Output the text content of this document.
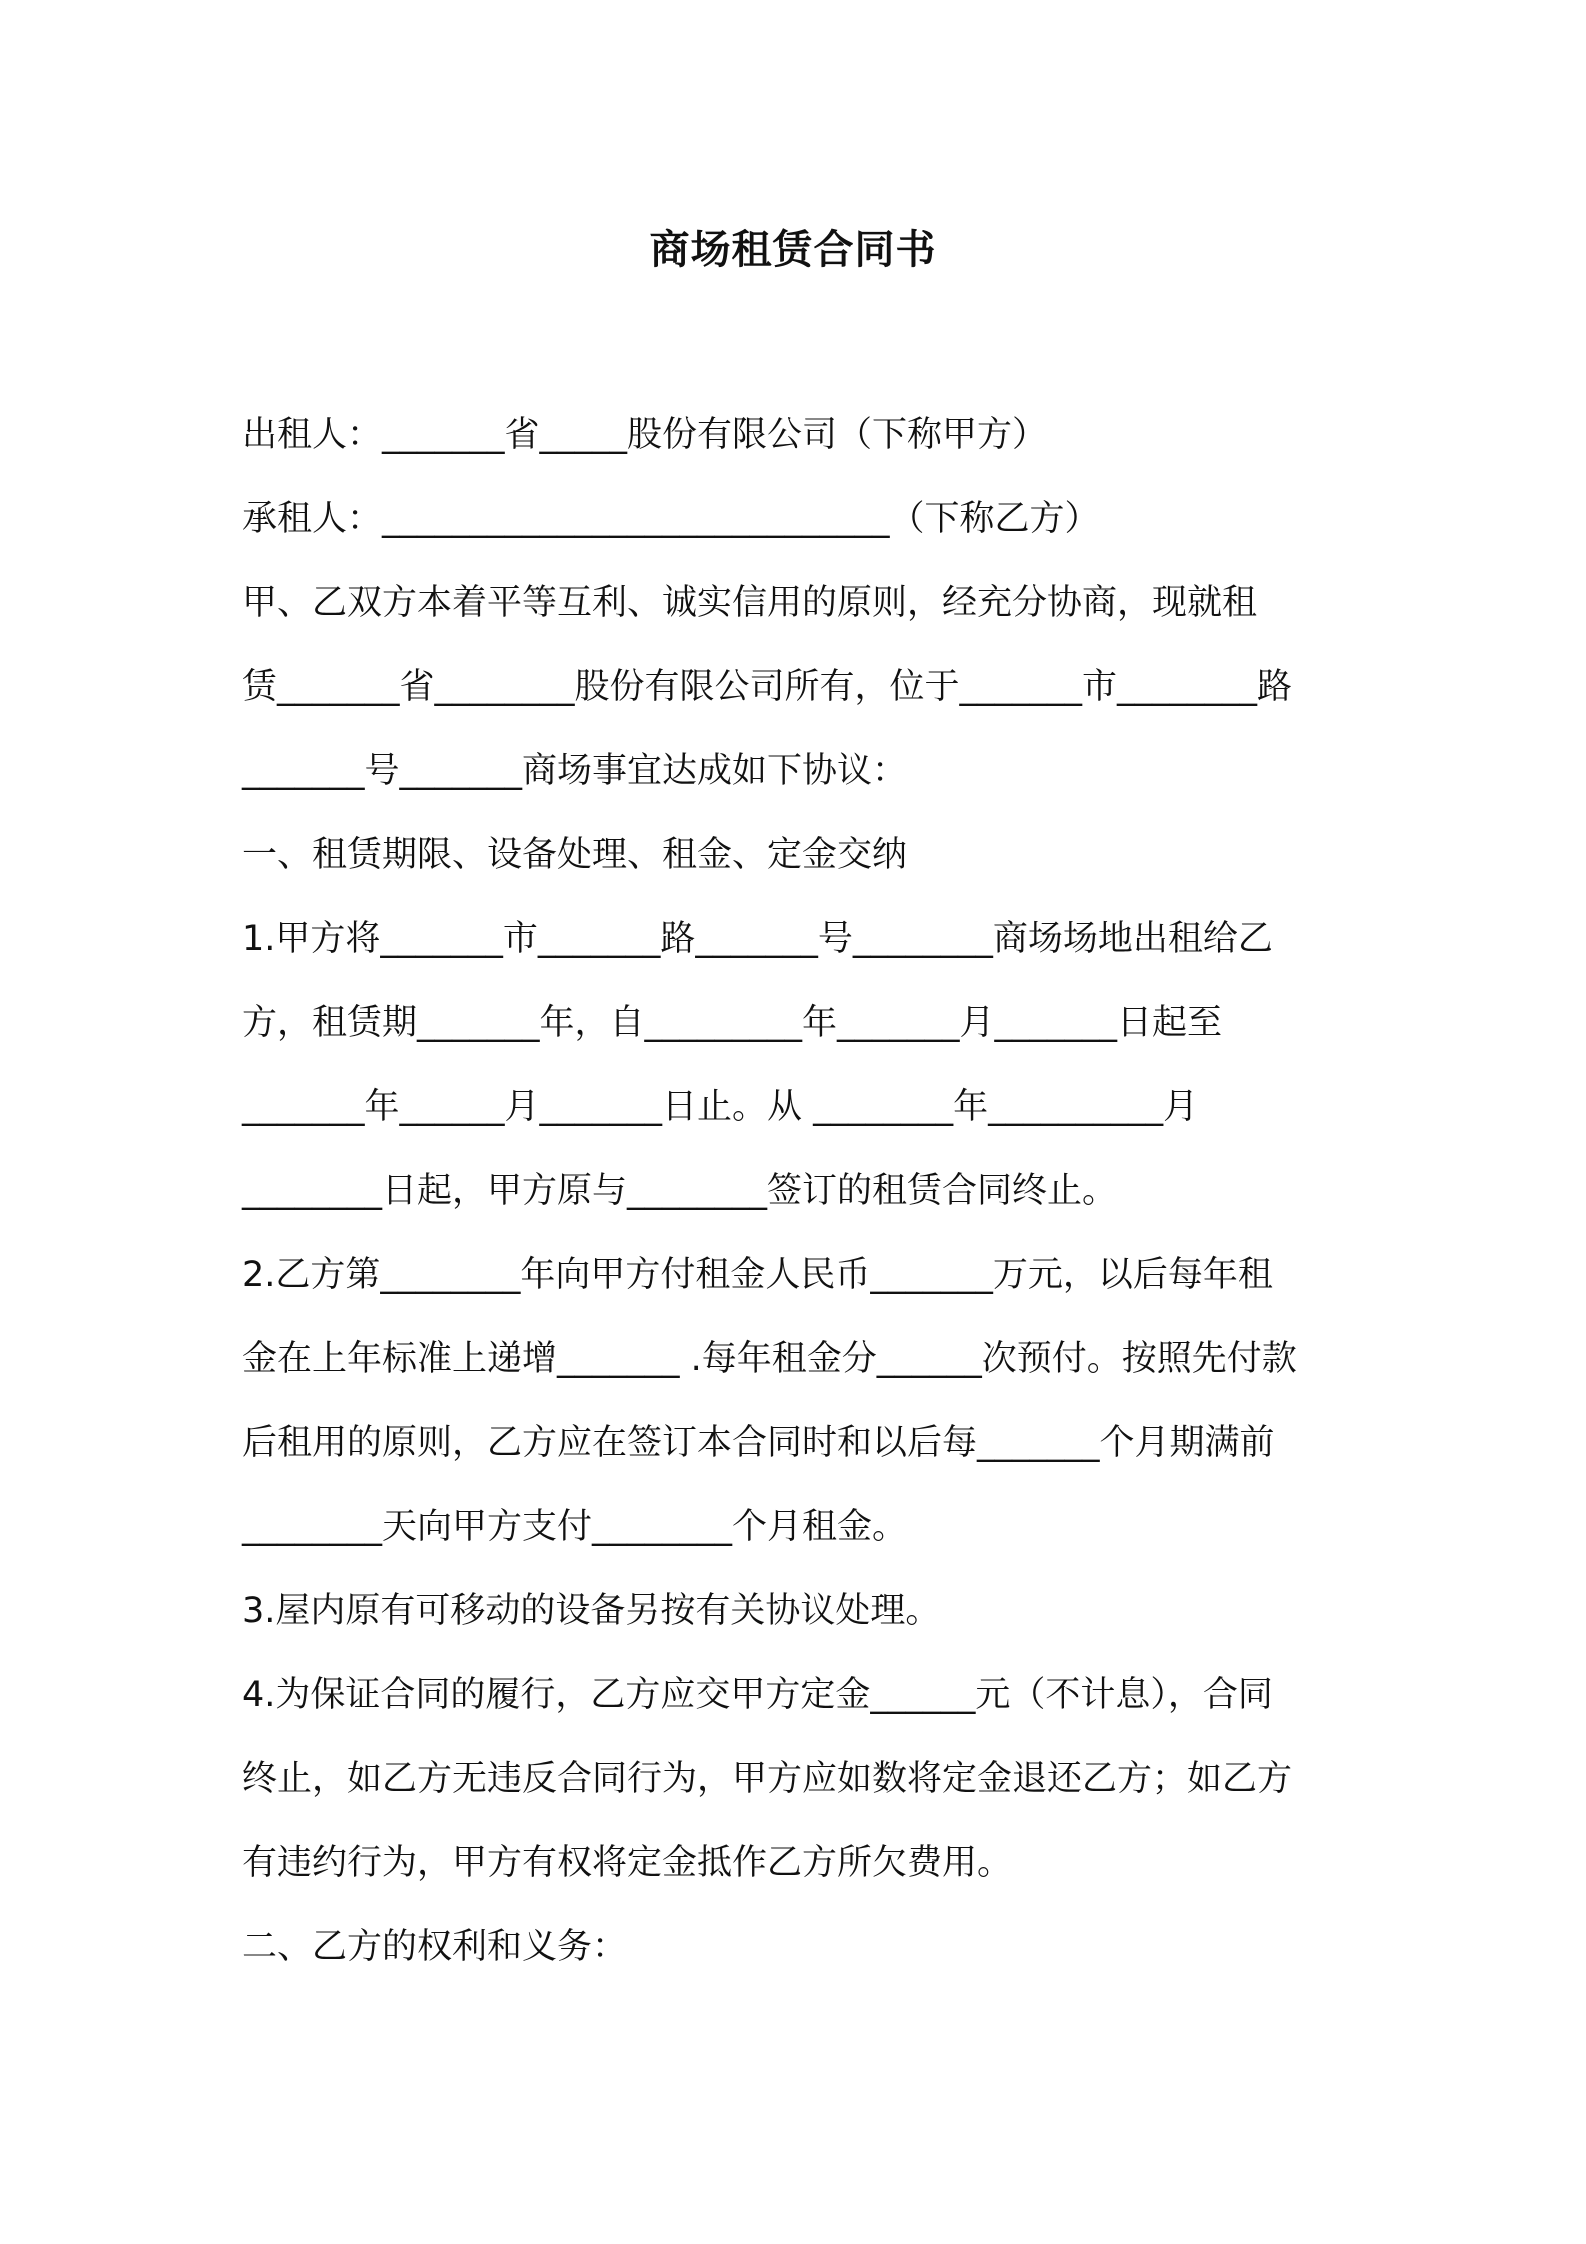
商场租赁合同书
出租人：_______省_____股份有限公司（下称甲方）
承租人：_____________________________（下称乙方）
甲、乙双方本着平等互利、诚实信用的原则，经充分协商，现就租
赁_______省________股份有限公司所有，位于_______市________路
_______号_______商场事宜达成如下协议：
一、租赁期限、设备处理、租金、定金交纳
1.甲方将_______市_______路_______号________商场场地出租给乙
方，租赁期_______年，自_________年_______月_______日起至
_______年______月_______日止。从 ________年__________月
________日起，甲方原与________签订的租赁合同终止。
2.乙方第________年向甲方付租金人民币_______万元，以后每年租
金在上年标准上递增_______ .每年租金分______次预付。按照先付款
后租用的原则，乙方应在签订本合同时和以后每_______个月期满前
________天向甲方支付________个月租金。
3.屋内原有可移动的设备另按有关协议处理。
4.为保证合同的履行，乙方应交甲方定金______元（不计息），合同
终止，如乙方无违反合同行为，甲方应如数将定金退还乙方；如乙方
有违约行为，甲方有权将定金抵作乙方所欠费用。
二、乙方的权利和义务：
